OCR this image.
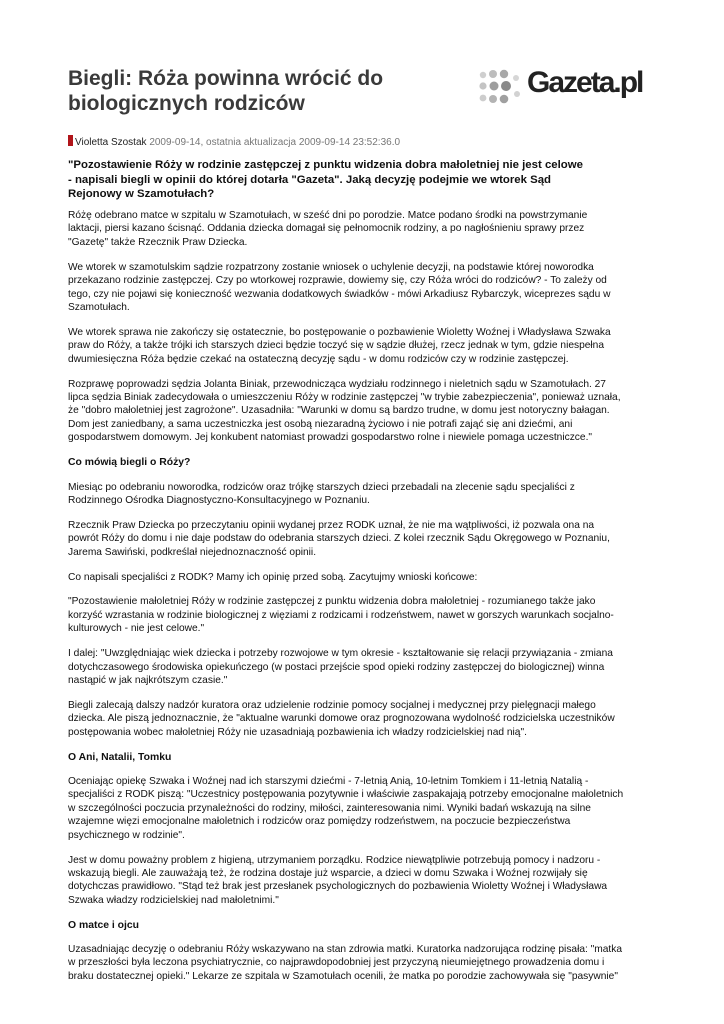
Biegli: Róża powinna wrócić do biologicznych rodziców
Gazeta.pl
Violetta Szostak 2009-09-14, ostatnia aktualizacja 2009-09-14 23:52:36.0

"Pozostawienie Róży w rodzinie zastępczej z punktu widzenia dobra małoletniej nie jest celowe
- napisali biegli w opinii do której dotarła "Gazeta". Jaką decyzję podejmie we wtorek Sąd
Rejonowy w Szamotułach?

Różę odebrano matce w szpitalu w Szamotułach, w sześć dni po porodzie. Matce podano środki na powstrzymanie
laktacji, piersi kazano ścisnąć. Oddania dziecka domagał się pełnomocnik rodziny, a po nagłośnieniu sprawy przez
"Gazetę" także Rzecznik Praw Dziecka.

We wtorek w szamotulskim sądzie rozpatrzony zostanie wniosek o uchylenie decyzji, na podstawie której noworodka
przekazano rodzinie zastępczej. Czy po wtorkowej rozprawie, dowiemy się, czy Róża wróci do rodziców? - To zależy od
tego, czy nie pojawi się konieczność wezwania dodatkowych świadków - mówi Arkadiusz Rybarczyk, wiceprezes sądu w
Szamotułach.

We wtorek sprawa nie zakończy się ostatecznie, bo postępowanie o pozbawienie Wioletty Woźnej i Władysława Szwaka
praw do Róży, a także trójki ich starszych dzieci będzie toczyć się w sądzie dłużej, rzecz jednak w tym, gdzie niespełna
dwumiesięczna Róża będzie czekać na ostateczną decyzję sądu - w domu rodziców czy w rodzinie zastępczej.

Rozprawę poprowadzi sędzia Jolanta Biniak, przewodnicząca wydziału rodzinnego i nieletnich sądu w Szamotułach. 27
lipca sędzia Biniak zadecydowała o umieszczeniu Róży w rodzinie zastępczej "w trybie zabezpieczenia", ponieważ uznała,
że "dobro małoletniej jest zagrożone". Uzasadniła: "Warunki w domu są bardzo trudne, w domu jest notoryczny bałagan.
Dom jest zaniedbany, a sama uczestniczka jest osobą niezaradną życiowo i nie potrafi zająć się ani dziećmi, ani
gospodarstwem domowym. Jej konkubent natomiast prowadzi gospodarstwo rolne i niewiele pomaga uczestniczce."

Co mówią biegli o Róży?

Miesiąc po odebraniu noworodka, rodziców oraz trójkę starszych dzieci przebadali na zlecenie sądu specjaliści z
Rodzinnego Ośrodka Diagnostyczno-Konsultacyjnego w Poznaniu.

Rzecznik Praw Dziecka po przeczytaniu opinii wydanej przez RODK uznał, że nie ma wątpliwości, iż pozwala ona na
powrót Róży do domu i nie daje podstaw do odebrania starszych dzieci. Z kolei rzecznik Sądu Okręgowego w Poznaniu,
Jarema Sawiński, podkreślał niejednoznaczność opinii.

Co napisali specjaliści z RODK? Mamy ich opinię przed sobą. Zacytujmy wnioski końcowe:

"Pozostawienie małoletniej Róży w rodzinie zastępczej z punktu widzenia dobra małoletniej - rozumianego także jako
korzyść wzrastania w rodzinie biologicznej z więziami z rodzicami i rodzeństwem, nawet w gorszych warunkach socjalno-
kulturowych - nie jest celowe."

I dalej: "Uwzględniając wiek dziecka i potrzeby rozwojowe w tym okresie - kształtowanie się relacji przywiązania - zmiana
dotychczasowego środowiska opiekuńczego (w postaci przejście spod opieki rodziny zastępczej do biologicznej) winna
nastąpić w jak najkrótszym czasie."

Biegli zalecają dalszy nadzór kuratora oraz udzielenie rodzinie pomocy socjalnej i medycznej przy pielęgnacji małego
dziecka. Ale piszą jednoznacznie, że "aktualne warunki domowe oraz prognozowana wydolność rodzicielska uczestników
postępowania wobec małoletniej Róży nie uzasadniają pozbawienia ich władzy rodzicielskiej nad nią".

O Ani, Natalii, Tomku

Oceniając opiekę Szwaka i Woźnej nad ich starszymi dziećmi - 7-letnią Anią, 10-letnim Tomkiem i 11-letnią Natalią -
specjaliści z RODK piszą: "Uczestnicy postępowania pozytywnie i właściwie zaspakajają potrzeby emocjonalne małoletnich
w szczególności poczucia przynależności do rodziny, miłości, zainteresowania nimi. Wyniki badań wskazują na silne
wzajemne więzi emocjonalne małoletnich i rodziców oraz pomiędzy rodzeństwem, na poczucie bezpieczeństwa
psychicznego w rodzinie".

Jest w domu poważny problem z higieną, utrzymaniem porządku. Rodzice niewątpliwie potrzebują pomocy i nadzoru -
wskazują biegli. Ale zauważają też, że rodzina dostaje już wsparcie, a dzieci w domu Szwaka i Woźnej rozwijały się
dotychczas prawidłowo. "Stąd też brak jest przesłanek psychologicznych do pozbawienia Wioletty Woźnej i Władysława
Szwaka władzy rodzicielskiej nad małoletnimi."

O matce i ojcu

Uzasadniając decyzję o odebraniu Róży wskazywano na stan zdrowia matki. Kuratorka nadzorująca rodzinę pisała: "matka
w przeszłości była leczona psychiatrycznie, co najprawdopodobniej jest przyczyną nieumiejętnego prowadzenia domu i
braku dostatecznej opieki." Lekarze ze szpitala w Szamotułach ocenili, że matka po porodzie zachowywała się "pasywnie"
